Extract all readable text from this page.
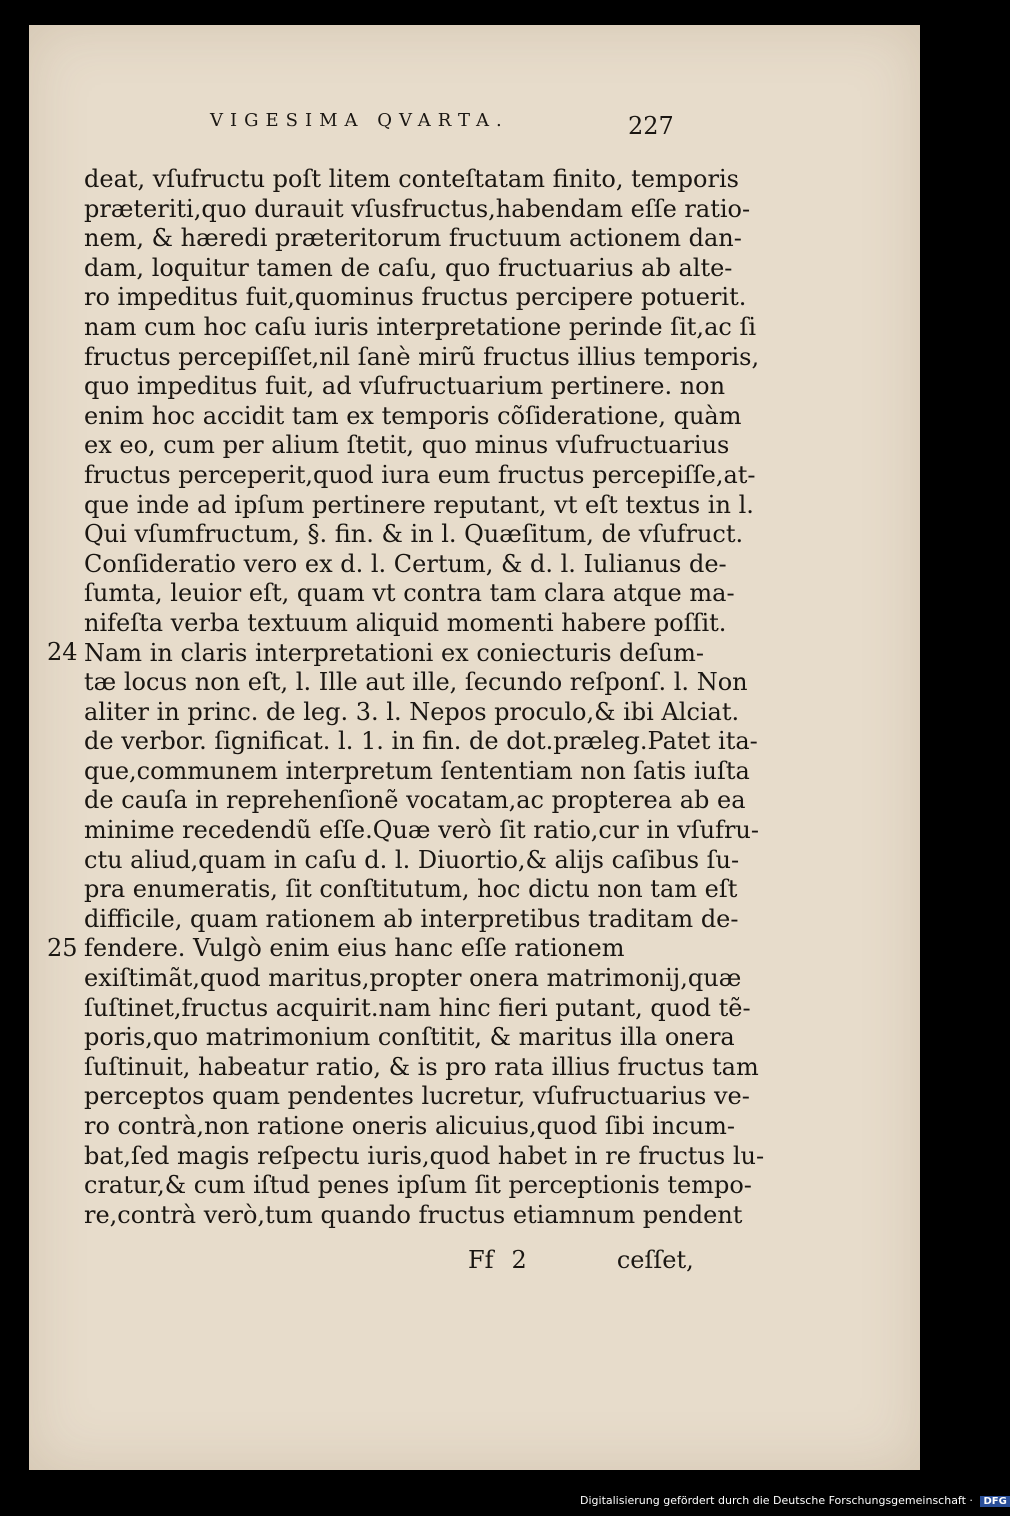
VIGESIMA QVARTA.	227
24
25
deat, vſufructu poſt litem conteſtatam finito, temporis
præteriti,quo durauit vſusfructus,habendam eſſe ratio-
nem, & hæredi præteritorum fructuum actionem dan-
dam, loquitur tamen de caſu, quo fructuarius ab alte-
ro impeditus fuit,quominus fructus percipere potuerit.
nam cum hoc caſu iuris interpretatione perinde ſit,ac ſi
fructus percepiſſet,nil ſanè mirũ fructus illius temporis,
quo impeditus fuit, ad vſufructuarium pertinere. non
enim hoc accidit tam ex temporis cõſideratione, quàm
ex eo, cum per alium ſtetit, quo minus vſufructuarius
fructus perceperit,quod iura eum fructus percepiſſe,at-
que inde ad ipſum pertinere reputant, vt eſt textus in l.
Qui vſumfructum, §. fin. & in l. Quæſitum, de vſufruct.
Conſideratio vero ex d. l. Certum, & d. l. Iulianus de-
ſumta, leuior eſt, quam vt contra tam clara atque ma-
nifeſta verba textuum aliquid momenti habere poſſit.
Nam in claris interpretationi ex coniecturis deſum-
tæ locus non eſt, l. Ille aut ille, ſecundo reſponſ. l. Non
aliter in princ. de leg. 3. l. Nepos proculo,& ibi Alciat.
de verbor. ſignificat. l. 1. in fin. de dot.præleg.Patet ita-
que,communem interpretum ſententiam non ſatis iuſta
de cauſa in reprehenſionẽ vocatam,ac propterea ab ea
minime recedendũ eſſe.Quæ verò ſit ratio,cur in vſufru-
ctu aliud,quam in caſu d. l. Diuortio,& alijs caſibus ſu-
pra enumeratis, ſit conſtitutum, hoc dictu non tam eſt
difficile, quam rationem ab interpretibus traditam de-
fendere. Vulgò enim eius hanc eſſe rationem
exiſtimãt,quod maritus,propter onera matrimonij,quæ
ſuſtinet,fructus acquirit.nam hinc fieri putant, quod tẽ-
poris,quo matrimonium conſtitit, & maritus illa onera
ſuſtinuit, habeatur ratio, & is pro rata illius fructus tam
perceptos quam pendentes lucretur, vſufructuarius ve-
ro contrà,non ratione oneris alicuius,quod ſibi incum-
bat,ſed magis reſpectu iuris,quod habet in re fructus lu-
cratur,& cum iſtud penes ipſum ſit perceptionis tempo-
re,contrà verò,tum quando fructus etiamnum pendent
Ff 2	ceſſet,
Digitalisierung gefördert durch die Deutsche Forschungsgemeinschaft · DFG
